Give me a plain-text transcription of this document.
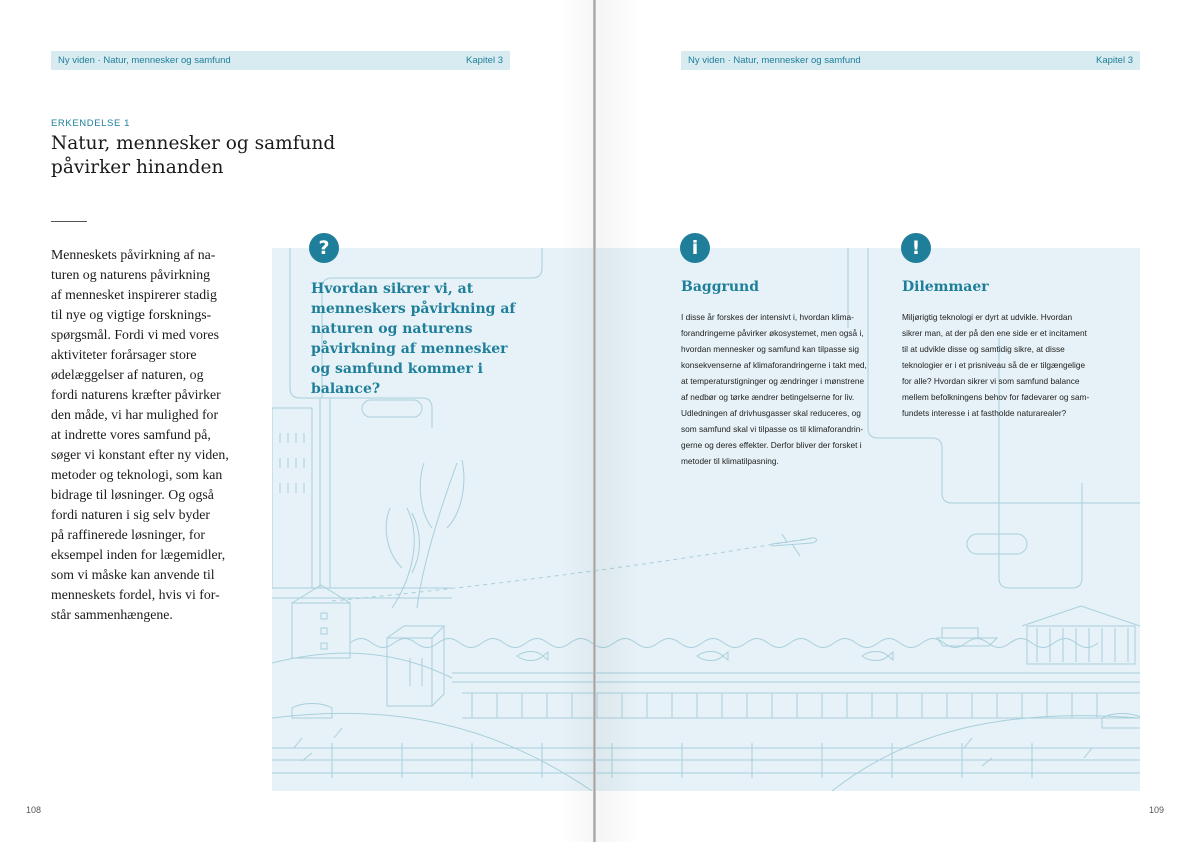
Ny viden · Natur, mennesker og samfund	Kapitel 3	Ny viden · Natur, mennesker og samfund	Kapitel 3
ERKENDELSE 1
Natur, mennesker og samfund påvirker hinanden
Menneskets påvirkning af na-
turen og naturens påvirkning
af mennesket inspirerer stadig
til nye og vigtige forsknings-
spørgsmål. Fordi vi med vores
aktiviteter forårsager store
ødelæggelser af naturen, og
fordi naturens kræfter påvirker
den måde, vi har mulighed for
at indrette vores samfund på,
søger vi konstant efter ny viden,
metoder og teknologi, som kan
bidrage til løsninger. Og også
fordi naturen i sig selv byder
på raffinerede løsninger, for
eksempel inden for lægemidler,
som vi måske kan anvende til
menneskets fordel, hvis vi for-
står sammenhængene.
?
Hvordan sikrer vi, at menneskers påvirkning af naturen og naturens påvirkning af mennesker og samfund kommer i balance?
i
Baggrund
I disse år forskes der intensivt i, hvordan klima-
forandringerne påvirker økosystemet, men også i,
hvordan mennesker og samfund kan tilpasse sig
konsekvenserne af klimaforandringerne i takt med,
at temperaturstigninger og ændringer i mønstrene
af nedbør og tørke ændrer betingelserne for liv.
Udledningen af drivhusgasser skal reduceres, og
som samfund skal vi tilpasse os til klimaforandrin-
gerne og deres effekter. Derfor bliver der forsket i
metoder til klimatilpasning.
!
Dilemmaer
Miljørigtig teknologi er dyrt at udvikle. Hvordan
sikrer man, at der på den ene side er et incitament
til at udvikle disse og samtidig sikre, at disse
teknologier er i et prisniveau så de er tilgængelige
for alle? Hvordan sikrer vi som samfund balance
mellem befolkningens behov for fødevarer og sam-
fundets interesse i at fastholde naturarealer?
108	109
